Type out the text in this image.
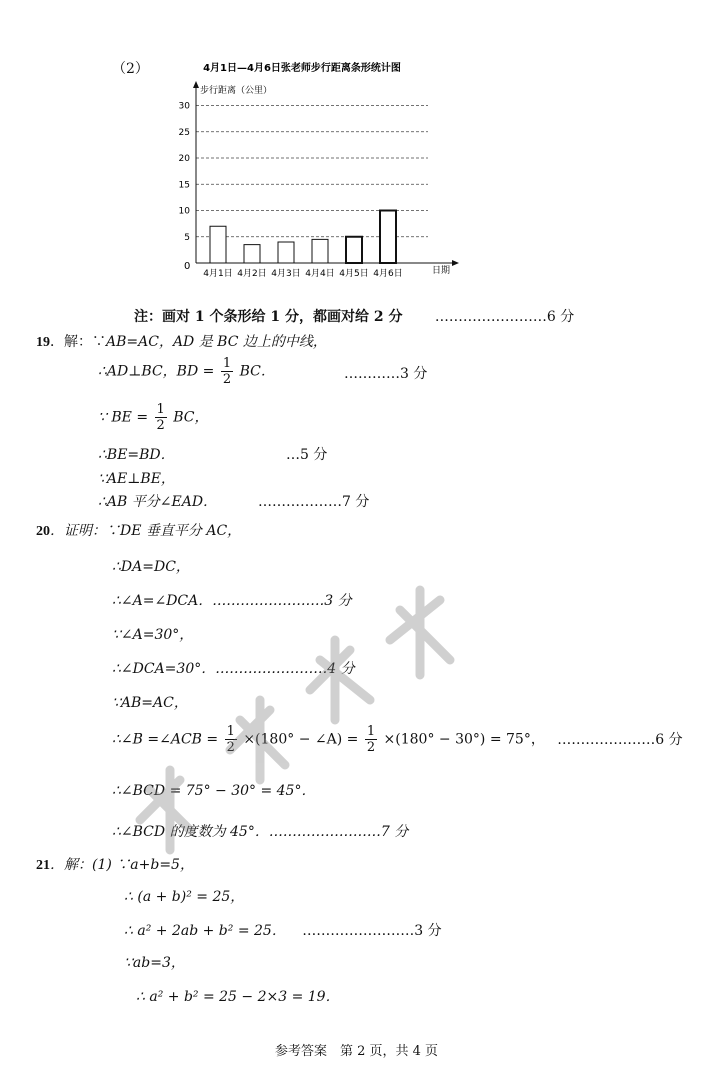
（2）	4月1日—4月6日张老师步行距离条形统计图
步行距离（公里）
日期
0
5
10
15
20
25
30
4月1日 4月2日 4月3日 4月4日 4月5日 4月6日
注：画对 1 个条形给 1 分，都画对给 2 分 ……………………6 分
19．解：∵AB=AC，AD 是 BC 边上的中线，
∴AD⊥BC，BD = $\frac{1}{2}$ BC．	…………3 分
∵ BE = $\frac{1}{2}$ BC，
∴BE=BD．	…5 分
∵AE⊥BE，
∴AB 平分∠EAD．	………………7 分
20．证明：∵DE 垂直平分 AC，
∴DA=DC，
∴∠A=∠DCA．……………………3 分
∵∠A=30°，
∴∠DCA=30°．……………………4 分
∵AB=AC，
∴∠B =∠ACB = $\frac{1}{2} \times(180^\circ$ − ∠A) = $\frac{1}{2} \times(180^\circ - 30^\circ) = 75^\circ$， …………………6 分
∴∠BCD = 75° − 30° = 45°．
∴∠BCD 的度数为 45°．……………………7 分
21．解：(1) ∵a+b=5，
∴ (a + b)² = 25，
∴ a² + 2ab + b² = 25． ……………………3 分
∵ab=3，
∴ a² + b² = 25 − 2×3 = 19．
参考答案　第 2 页，共 4 页
